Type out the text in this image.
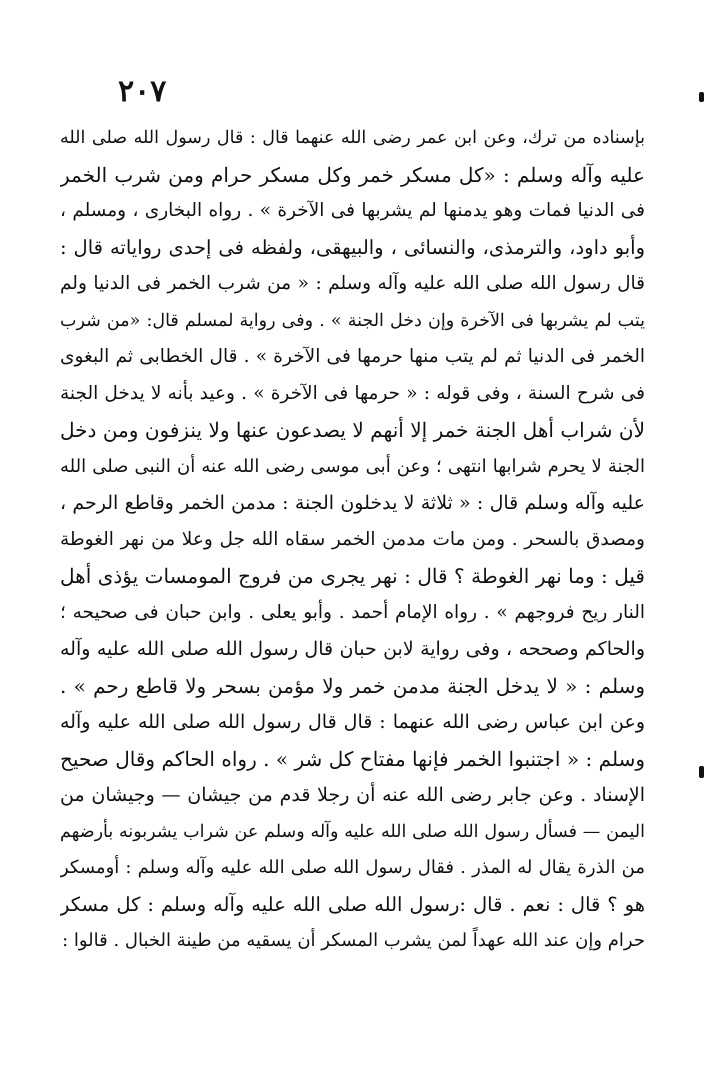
٢٠٧
بإسناده من ترك، وعن ابن عمر رضى الله عنهما قال : قال رسول الله صلى الله
عليه وآله وسلم : «كل مسكر خمر وكل مسكر حرام ومن شرب الخمر
فى الدنيا فمات وهو يدمنها لم يشربها فى الآخرة » . رواه البخارى ، ومسلم ،
وأبو داود، والترمذى، والنسائى ، والبيهقى، ولفظه فى إحدى رواياته قال :
قال رسول الله صلى الله عليه وآله وسلم : « من شرب الخمر فى الدنيا ولم
يتب لم يشربها فى الآخرة وإن دخل الجنة » . وفى رواية لمسلم قال: «من شرب
الخمر فى الدنيا ثم لم يتب منها حرمها فى الآخرة » . قال الخطابى ثم البغوى
فى شرح السنة ، وفى قوله : « حرمها فى الآخرة » . وعيد بأنه لا يدخل الجنة
لأن شراب أهل الجنة خمر إلا أنهم لا يصدعون عنها ولا ينزفون ومن دخل
الجنة لا يحرم شرابها انتهى ؛ وعن أبى موسى رضى الله عنه أن النبى صلى الله
عليه وآله وسلم قال : « ثلاثة لا يدخلون الجنة : مدمن الخمر وقاطع الرحم ،
ومصدق بالسحر . ومن مات مدمن الخمر سقاه الله جل وعلا من نهر الغوطة
قيل : وما نهر الغوطة ؟ قال : نهر يجرى من فروج المومسات يؤذى أهل
النار ريح فروجهم » . رواه الإمام أحمد . وأبو يعلى . وابن حبان فى صحيحه ؛
والحاكم وصححه ، وفى رواية لابن حبان قال رسول الله صلى الله عليه وآله
وسلم : « لا يدخل الجنة مدمن خمر ولا مؤمن بسحر ولا قاطع رحم » .
وعن ابن عباس رضى الله عنهما : قال قال رسول الله صلى الله عليه وآله
وسلم : « اجتنبوا الخمر فإنها مفتاح كل شر » . رواه الحاكم وقال صحيح
الإسناد . وعن جابر رضى الله عنه أن رجلا قدم من جيشان — وجيشان من
اليمن — فسأل رسول الله صلى الله عليه وآله وسلم عن شراب يشربونه بأرضهم
من الذرة يقال له المذر . فقال رسول الله صلى الله عليه وآله وسلم : أومسكر
هو ؟ قال : نعم . قال :رسول الله صلى الله عليه وآله وسلم : كل مسكر
حرام وإن عند الله عهداً لمن يشرب المسكر أن يسقيه من طينة الخبال . قالوا :
